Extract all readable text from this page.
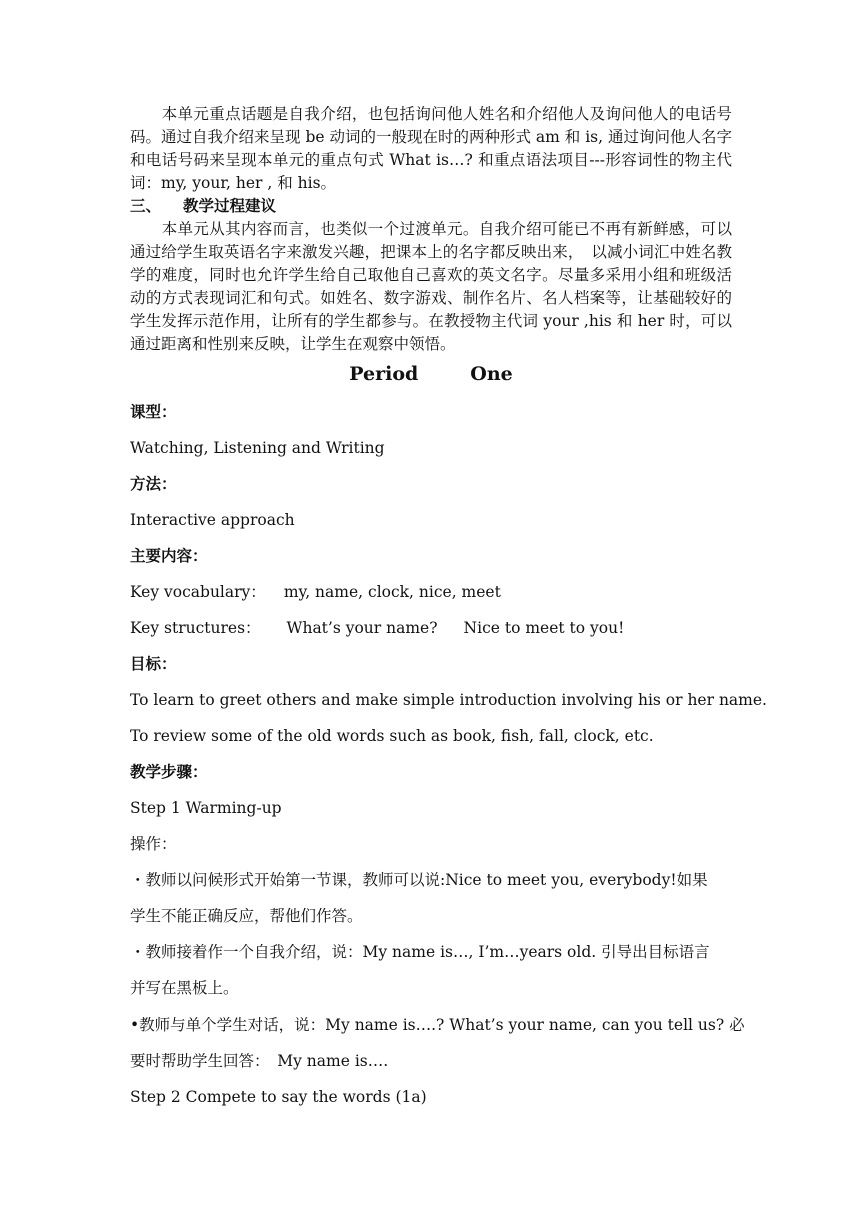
　　本单元重点话题是自我介绍，也包括询问他人姓名和介绍他人及询问他人的电话号码。通过自我介绍来呈现 be 动词的一般现在时的两种形式 am 和 is, 通过询问他人名字和电话号码来呈现本单元的重点句式 What is…? 和重点语法项目---形容词性的物主代词：my, your, her , 和 his。

三、 教学过程建议

　　本单元从其内容而言，也类似一个过渡单元。自我介绍可能已不再有新鲜感，可以通过给学生取英语名字来激发兴趣，把课本上的名字都反映出来，　以减小词汇中姓名教学的难度，同时也允许学生给自己取他自己喜欢的英文名字。尽量多采用小组和班级活动的方式表现词汇和句式。如姓名、数字游戏、制作名片、名人档案等，让基础较好的学生发挥示范作用，让所有的学生都参与。在教授物主代词 your ,his 和 her 时，可以通过距离和性别来反映，让学生在观察中领悟。

Period	One
课型：
Watching, Listening and Writing
方法：
Interactive approach
主要内容：
Key vocabulary： my, name, clock, nice, meet
Key structures： What’s your name? Nice to meet to you!
目标：
To learn to greet others and make simple introduction involving his or her name.
To review some of the old words such as book, fish, fall, clock, etc.
教学步骤：
Step 1 Warming-up
操作：
・教师以问候形式开始第一节课，教师可以说:Nice to meet you, everybody!如果
学生不能正确反应，帮他们作答。
・教师接着作一个自我介绍，说：My name is…, I’m…years old. 引导出目标语言
并写在黑板上。
•教师与单个学生对话，说：My name is….? What’s your name, can you tell us? 必
要时帮助学生回答：　My name is….
Step 2 Compete to say the words (1a)
